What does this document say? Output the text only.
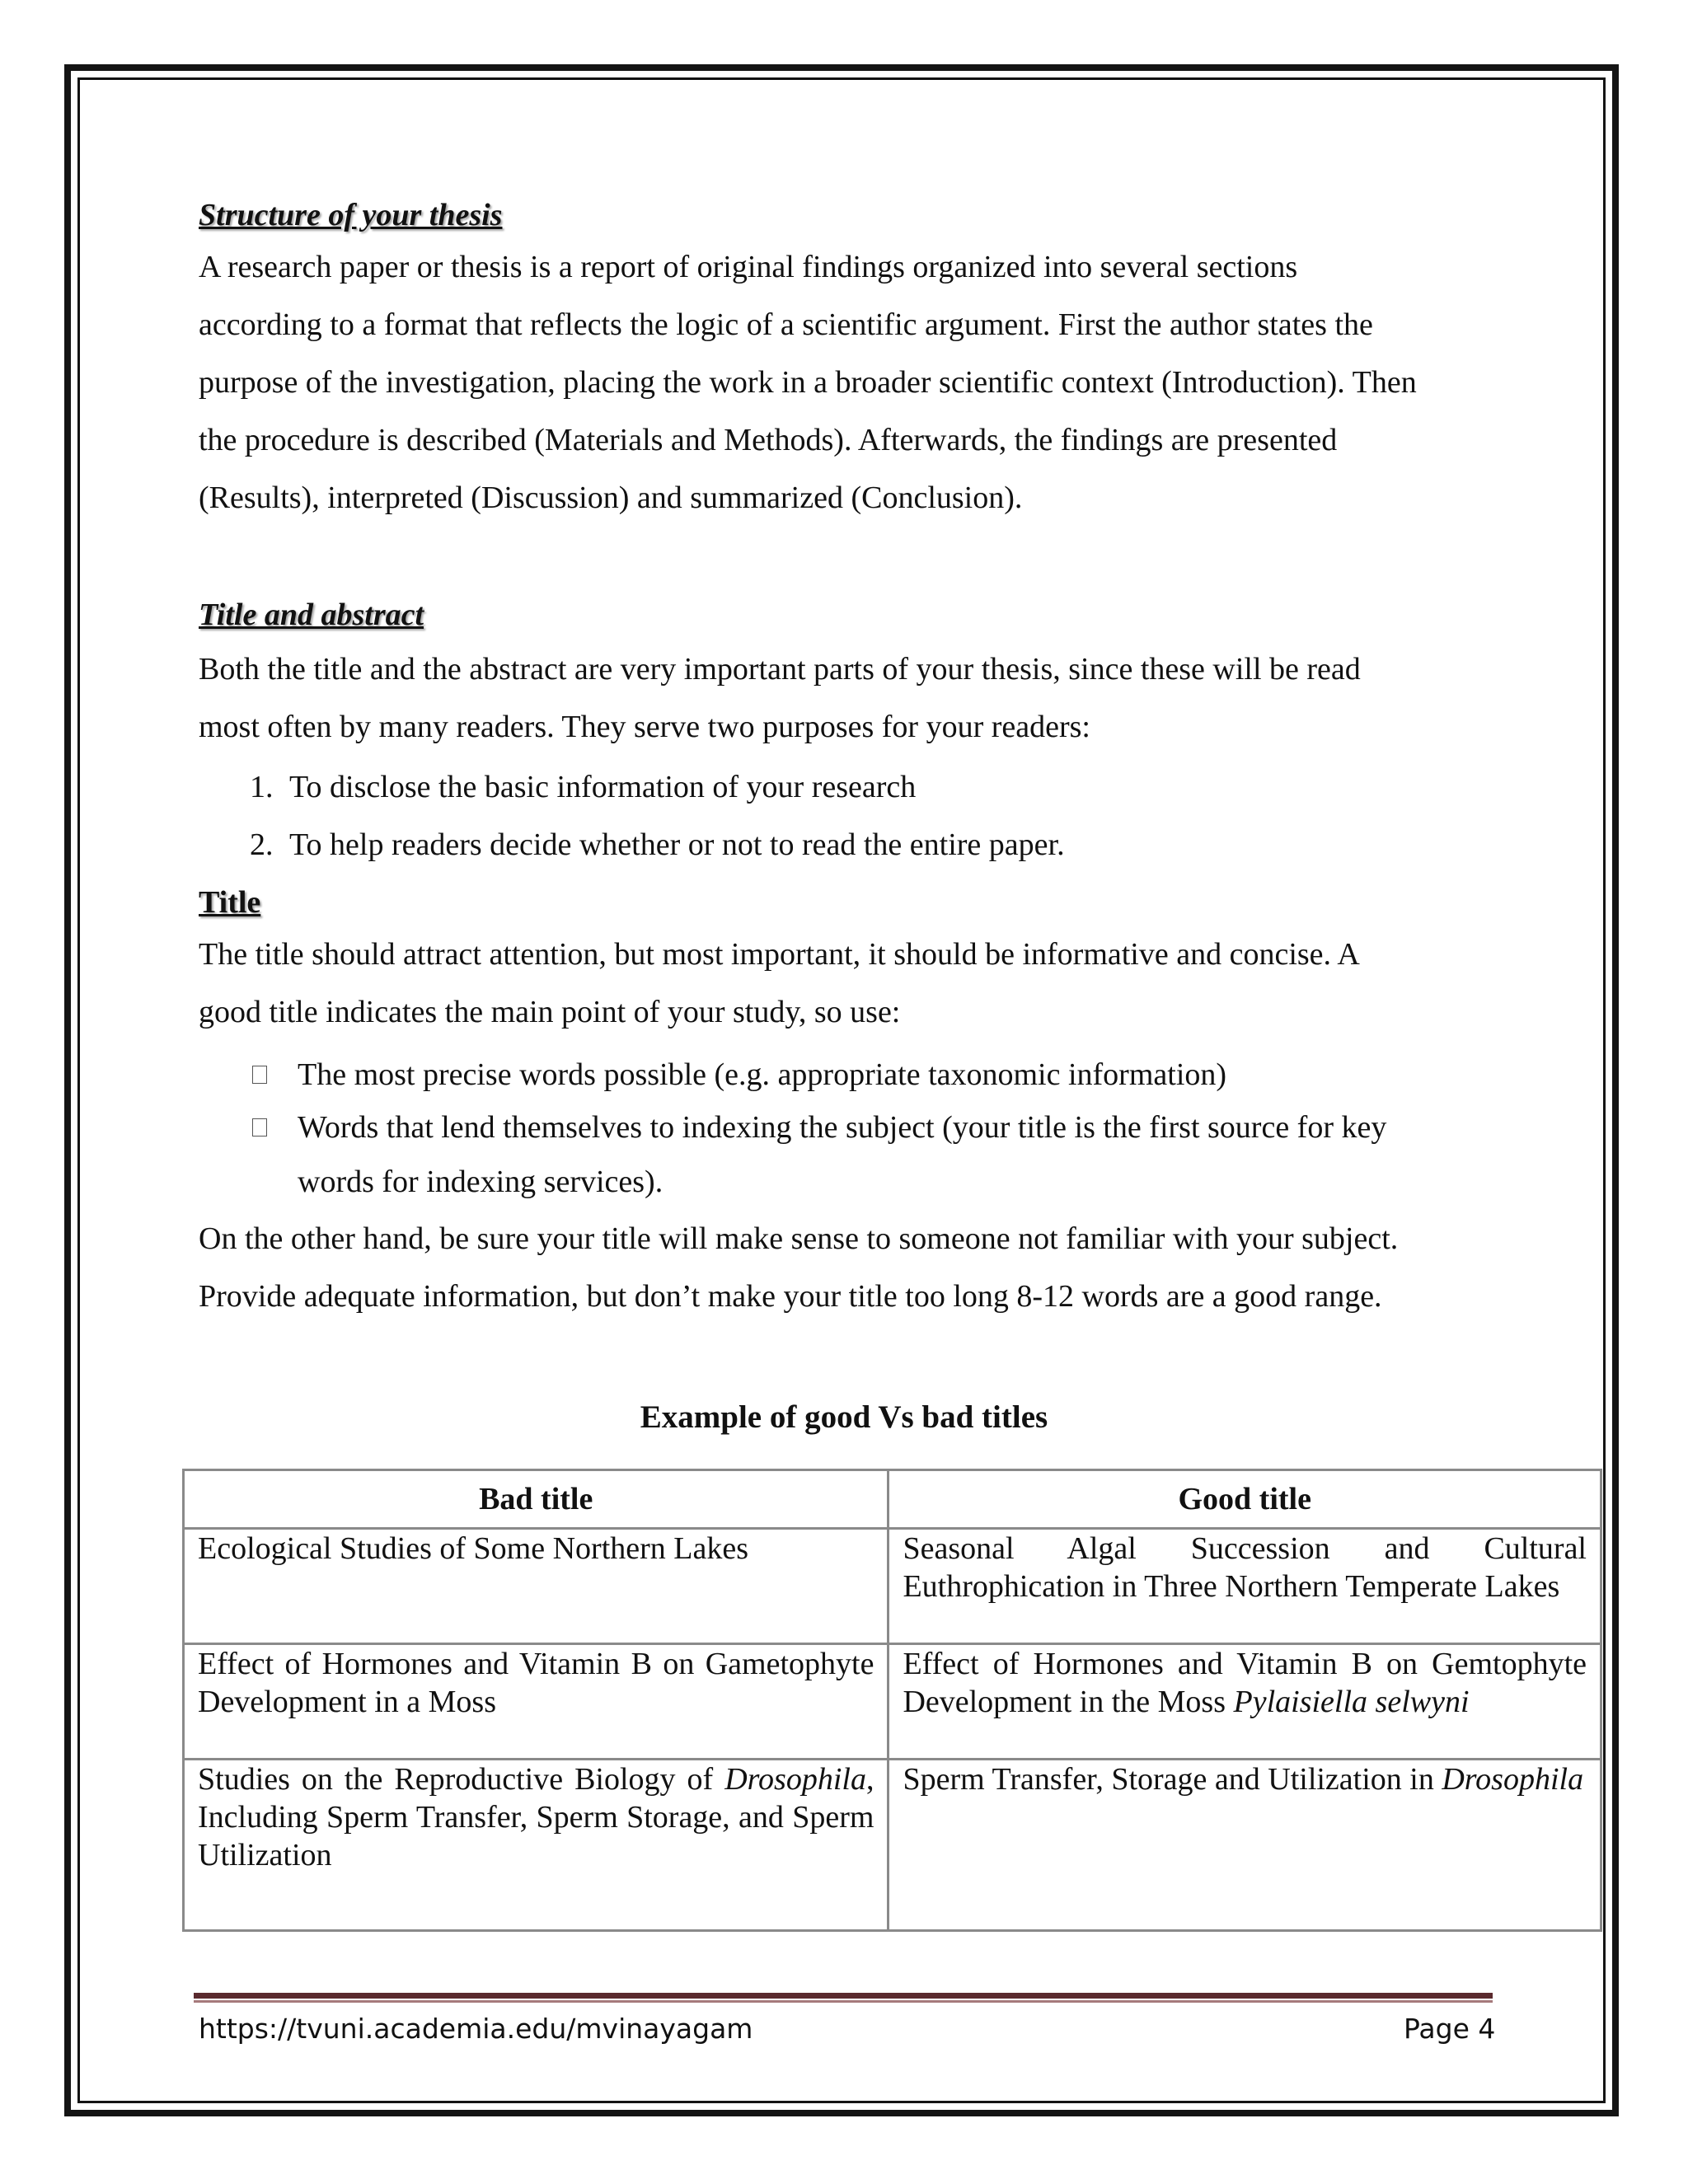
Structure of your thesis
A research paper or thesis is a report of original findings organized into several sections
according to a format that reflects the logic of a scientific argument. First the author states the
purpose of the investigation, placing the work in a broader scientific context (Introduction). Then
the procedure is described (Materials and Methods). Afterwards, the findings are presented
(Results), interpreted (Discussion) and summarized (Conclusion).
Title and abstract
Both the title and the abstract are very important parts of your thesis, since these will be read
most often by many readers. They serve two purposes for your readers:
1. To disclose the basic information of your research
2. To help readers decide whether or not to read the entire paper.
Title
The title should attract attention, but most important, it should be informative and concise. A
good title indicates the main point of your study, so use:
The most precise words possible (e.g. appropriate taxonomic information)
Words that lend themselves to indexing the subject (your title is the first source for key
words for indexing services).
On the other hand, be sure your title will make sense to someone not familiar with your subject.
Provide adequate information, but don’t make your title too long 8-12 words are a good range.
Example of good Vs bad titles
Bad title	Good title
Ecological Studies of Some Northern Lakes	Seasonal Algal Succession and Cultural Euthrophication in Three Northern Temperate Lakes
Effect of Hormones and Vitamin B on Gametophyte Development in a Moss	Effect of Hormones and Vitamin B on Gemtophyte Development in the Moss Pylaisiella selwyni
Studies on the Reproductive Biology of Drosophila, Including Sperm Transfer, Sperm Storage, and Sperm Utilization	Sperm Transfer, Storage and Utilization in Drosophila
https://tvuni.academia.edu/mvinayagam	Page 4
